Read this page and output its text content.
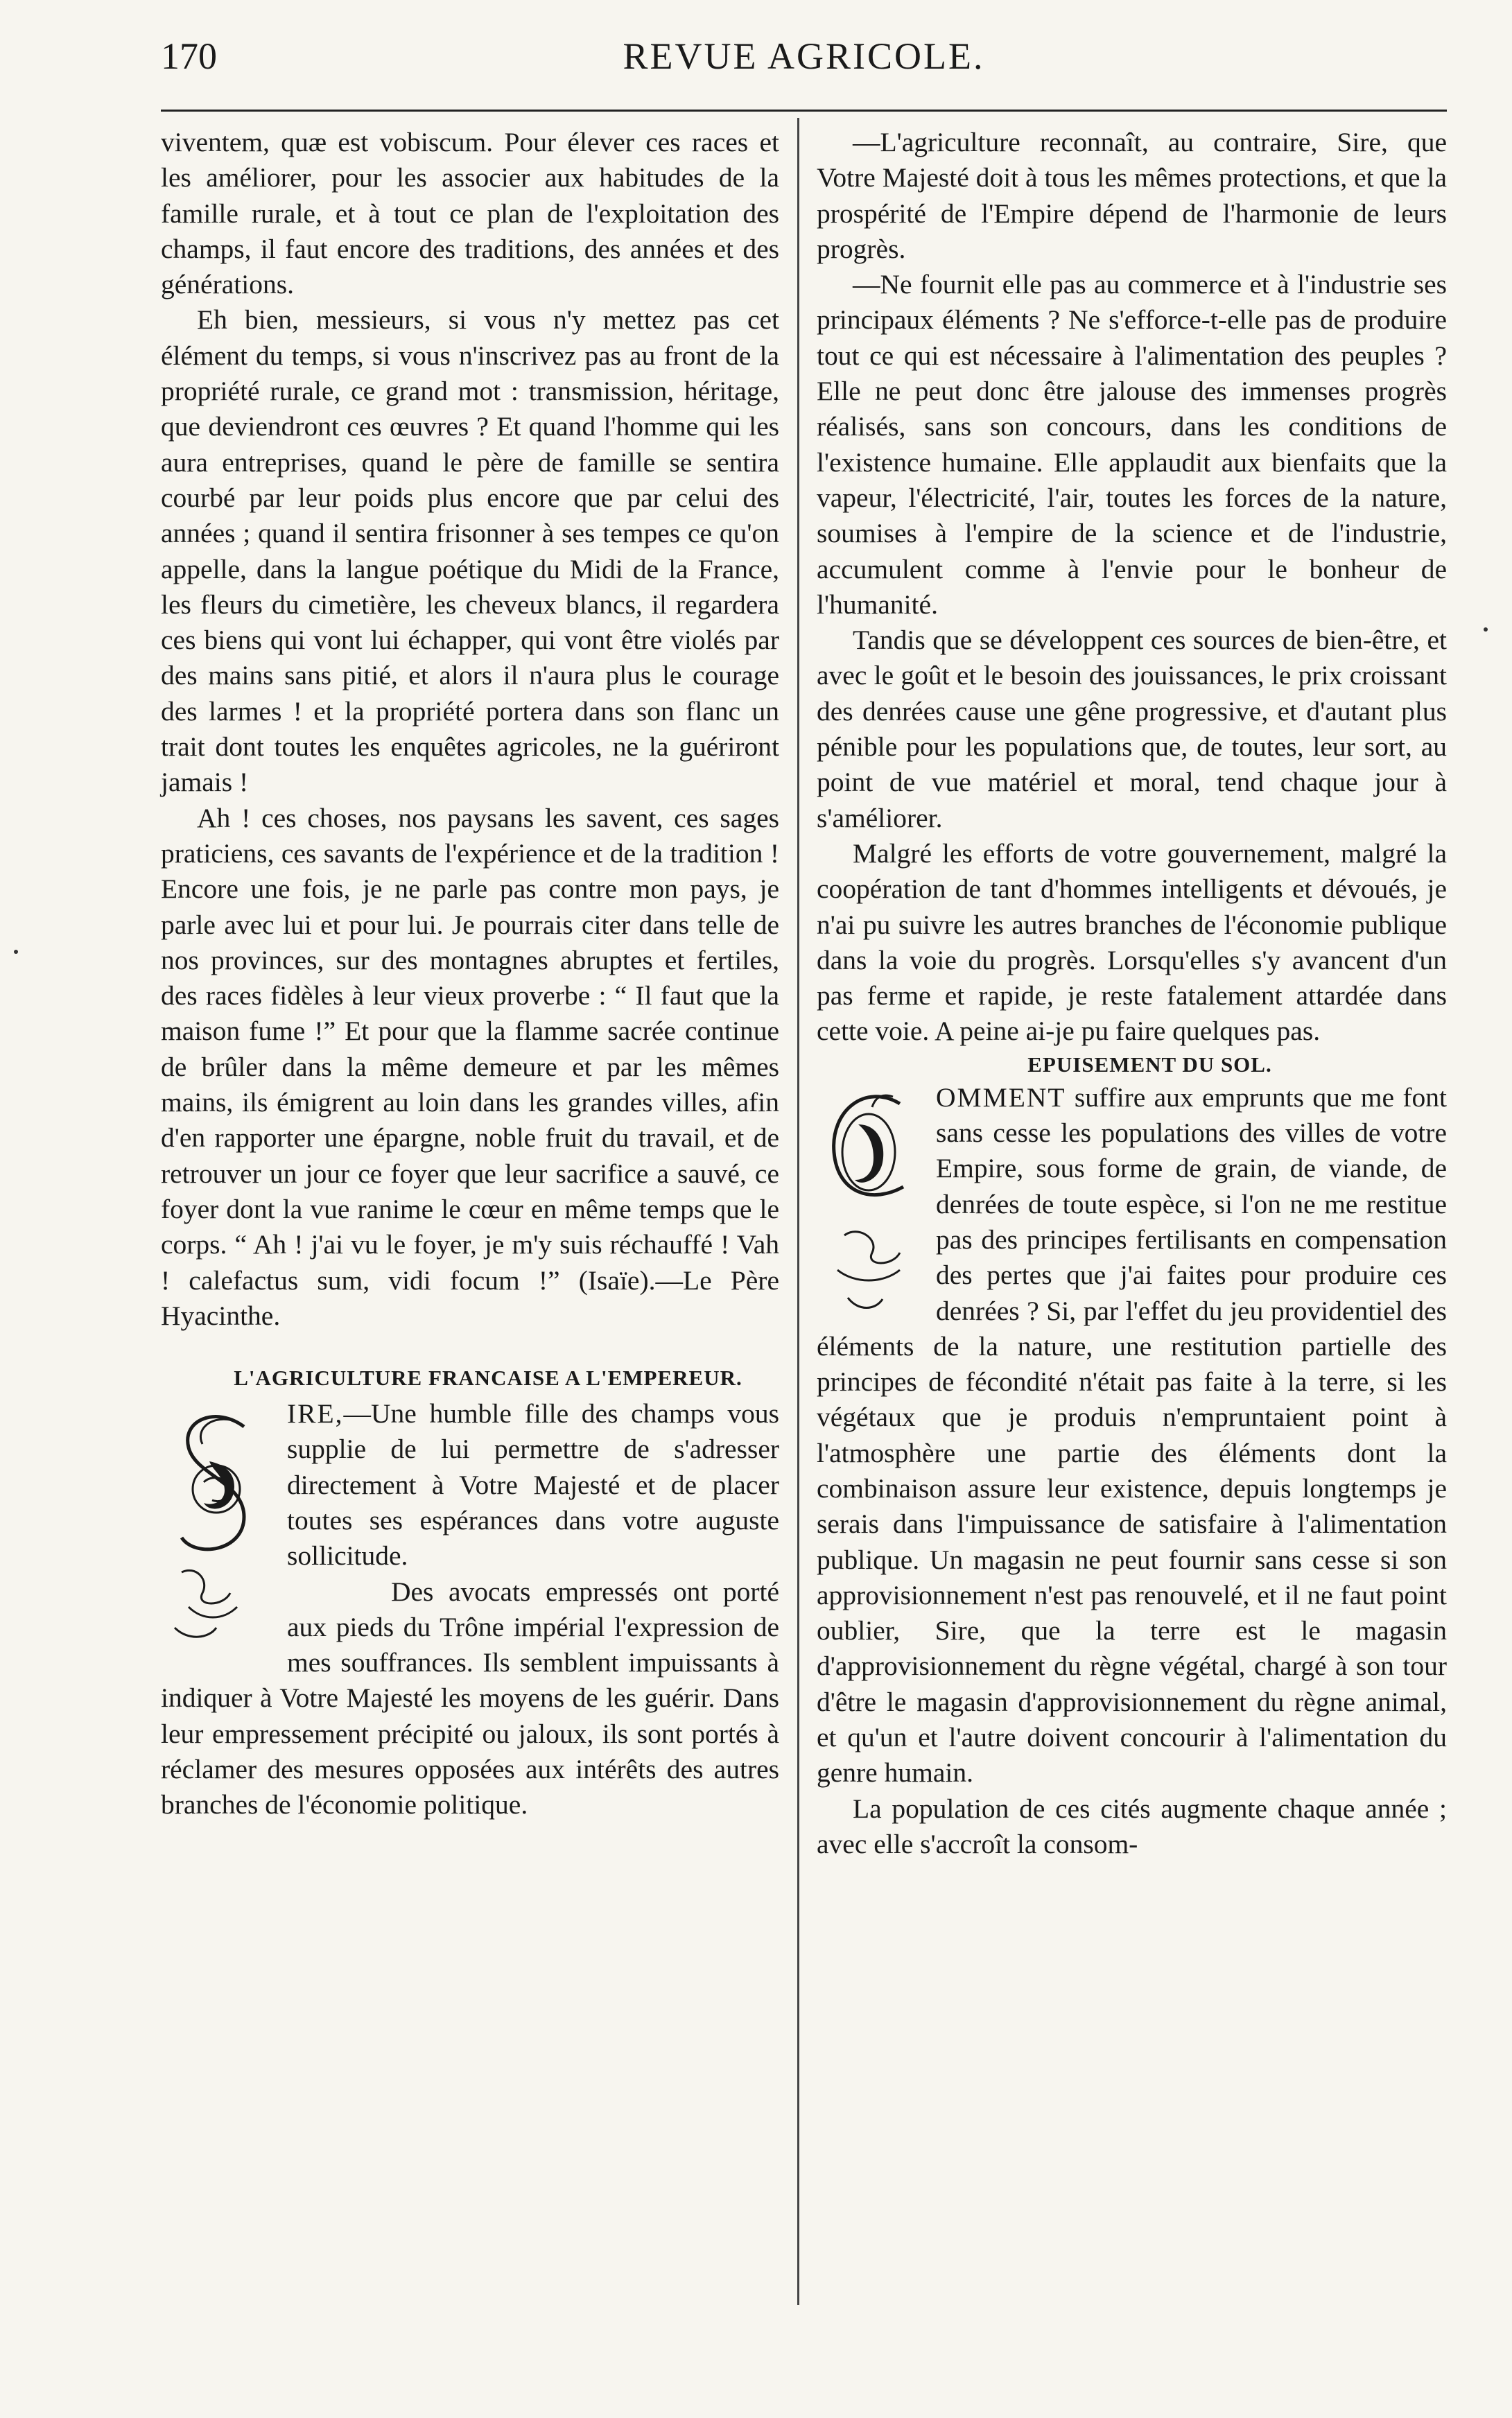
170	REVUE AGRICOLE.

viventem, quæ est vobiscum. Pour élever ces races et les améliorer, pour les associer aux habitudes de la famille rurale, et à tout ce plan de l'exploitation des champs, il faut encore des traditions, des années et des générations.

Eh bien, messieurs, si vous n'y mettez pas cet élément du temps, si vous n'inscrivez pas au front de la propriété rurale, ce grand mot : transmission, héritage, que deviendront ces œuvres ? Et quand l'homme qui les aura entreprises, quand le père de famille se sentira courbé par leur poids plus encore que par celui des années ; quand il sentira frisonner à ses tempes ce qu'on appelle, dans la langue poétique du Midi de la France, les fleurs du cimetière, les cheveux blancs, il regardera ces biens qui vont lui échapper, qui vont être violés par des mains sans pitié, et alors il n'aura plus le courage des larmes ! et la propriété portera dans son flanc un trait dont toutes les enquêtes agricoles, ne la guériront jamais !

Ah ! ces choses, nos paysans les savent, ces sages praticiens, ces savants de l'expérience et de la tradition ! Encore une fois, je ne parle pas contre mon pays, je parle avec lui et pour lui. Je pourrais citer dans telle de nos provinces, sur des montagnes abruptes et fertiles, des races fidèles à leur vieux proverbe : “ Il faut que la maison fume !” Et pour que la flamme sacrée continue de brûler dans la même demeure et par les mêmes mains, ils émigrent au loin dans les grandes villes, afin d'en rapporter une épargne, noble fruit du travail, et de retrouver un jour ce foyer que leur sacrifice a sauvé, ce foyer dont la vue ranime le cœur en même temps que le corps. “ Ah ! j'ai vu le foyer, je m'y suis réchauffé ! Vah ! calefactus sum, vidi focum !” (Isaïe).—Le Père Hyacinthe.

L'AGRICULTURE FRANCAISE A L'EMPEREUR.

IRE,—Une humble fille des champs vous supplie de lui permettre de s'adresser directement à Votre Majesté et de placer toutes ses espérances dans votre auguste sollicitude.

Des avocats empressés ont porté aux pieds du Trône impérial l'expression de mes souffrances. Ils semblent impuissants à indiquer à Votre Majesté les moyens de les guérir. Dans leur empressement précipité ou jaloux, ils sont portés à réclamer des mesures opposées aux intérêts des autres branches de l'économie politique.

—L'agriculture reconnaît, au contraire, Sire, que Votre Majesté doit à tous les mêmes protections, et que la prospérité de l'Empire dépend de l'harmonie de leurs progrès.

—Ne fournit elle pas au commerce et à l'industrie ses principaux éléments ? Ne s'efforce-t-elle pas de produire tout ce qui est nécessaire à l'alimentation des peuples ? Elle ne peut donc être jalouse des immenses progrès réalisés, sans son concours, dans les conditions de l'existence humaine. Elle applaudit aux bienfaits que la vapeur, l'électricité, l'air, toutes les forces de la nature, soumises à l'empire de la science et de l'industrie, accumulent comme à l'envie pour le bonheur de l'humanité.

Tandis que se développent ces sources de bien-être, et avec le goût et le besoin des jouissances, le prix croissant des denrées cause une gêne progressive, et d'autant plus pénible pour les populations que, de toutes, leur sort, au point de vue matériel et moral, tend chaque jour à s'améliorer.

Malgré les efforts de votre gouvernement, malgré la coopération de tant d'hommes intelligents et dévoués, je n'ai pu suivre les autres branches de l'économie publique dans la voie du progrès. Lorsqu'elles s'y avancent d'un pas ferme et rapide, je reste fatalement attardée dans cette voie. A peine ai-je pu faire quelques pas.

EPUISEMENT DU SOL.

OMMENT suffire aux emprunts que me font sans cesse les populations des villes de votre Empire, sous forme de grain, de viande, de denrées de toute espèce, si l'on ne me restitue pas des principes fertilisants en compensation des pertes que j'ai faites pour produire ces denrées ? Si, par l'effet du jeu providentiel des éléments de la nature, une restitution partielle des principes de fécondité n'était pas faite à la terre, si les végétaux que je produis n'empruntaient point à l'atmosphère une partie des éléments dont la combinaison assure leur existence, depuis longtemps je serais dans l'impuissance de satisfaire à l'alimentation publique. Un magasin ne peut fournir sans cesse si son approvisionnement n'est pas renouvelé, et il ne faut point oublier, Sire, que la terre est le magasin d'approvisionnement du règne végétal, chargé à son tour d'être le magasin d'approvisionnement du règne animal, et qu'un et l'autre doivent concourir à l'alimentation du genre humain.

La population de ces cités augmente chaque année ; avec elle s'accroît la consom-
